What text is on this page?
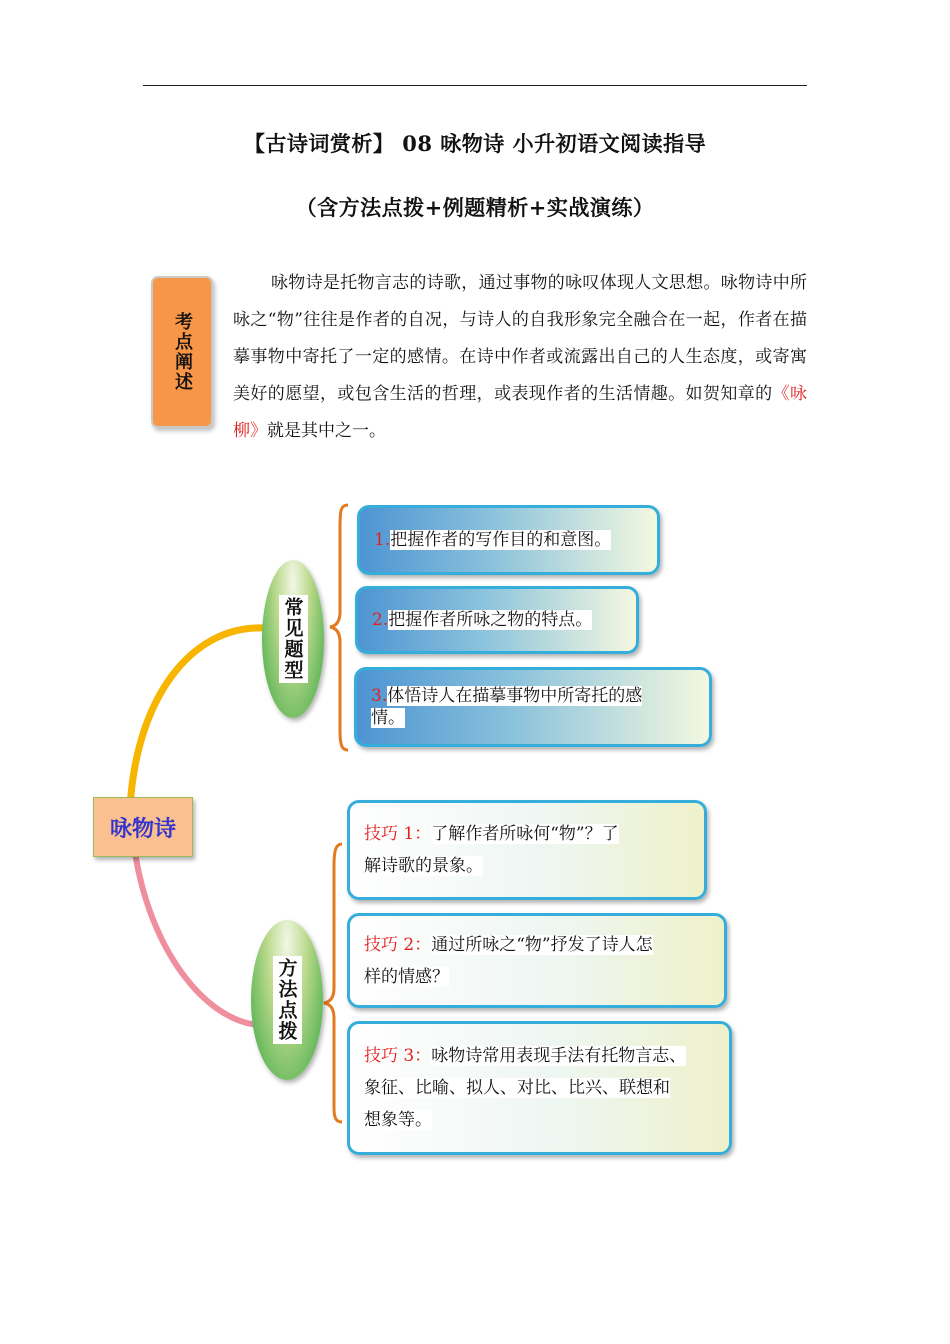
【古诗词赏析】 08 咏物诗 小升初语文阅读指导
（含方法点拨+例题精析+实战演练）
考点阐述
咏物诗是托物言志的诗歌，通过事物的咏叹体现人文思想。咏物诗中所咏之“物”往往是作者的自况，与诗人的自我形象完全融合在一起，作者在描摹事物中寄托了一定的感情。在诗中作者或流露出自己的人生态度，或寄寓美好的愿望，或包含生活的哲理，或表现作者的生活情趣。如贺知章的《咏柳》就是其中之一。
咏物诗
常见题型
方法点拨
1.把握作者的写作目的和意图。
2.把握作者所咏之物的特点。
3.体悟诗人在描摹事物中所寄托的感
情。
技巧 1：了解作者所咏何“物”？了
解诗歌的景象。
技巧 2：通过所咏之“物”抒发了诗人怎
样的情感？
技巧 3：咏物诗常用表现手法有托物言志、
象征、比喻、拟人、对比、比兴、联想和
想象等。
